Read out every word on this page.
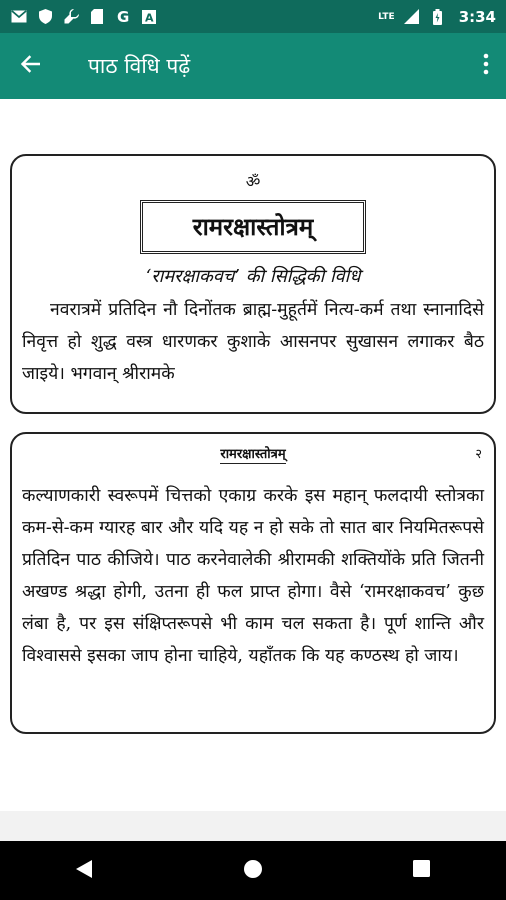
G A	LTE	3:34
पाठ विधि पढ़ें
ॐ
रामरक्षास्तोत्रम्
‘रामरक्षाकवच’ की सिद्धिकी विधि

नवरात्रमें प्रतिदिन नौ दिनोंतक ब्राह्म-मुहूर्तमें नित्य-कर्म तथा स्नानादिसे निवृत्त हो शुद्ध वस्त्र धारणकर कुशाके आसनपर सुखासन लगाकर बैठ जाइये। भगवान् श्रीरामके

रामरक्षास्तोत्रम्	२

कल्याणकारी स्वरूपमें चित्तको एकाग्र करके इस महान् फलदायी स्तोत्रका कम-से-कम ग्यारह बार और यदि यह न हो सके तो सात बार नियमितरूपसे प्रतिदिन पाठ कीजिये। पाठ करनेवालेकी श्रीरामकी शक्तियोंके प्रति जितनी अखण्ड श्रद्धा होगी, उतना ही फल प्राप्त होगा। वैसे ‘रामरक्षाकवच’ कुछ लंबा है, पर इस संक्षिप्तरूपसे भी काम चल सकता है। पूर्ण शान्ति और विश्वाससे इसका जाप होना चाहिये, यहाँतक कि यह कण्ठस्थ हो जाय।
